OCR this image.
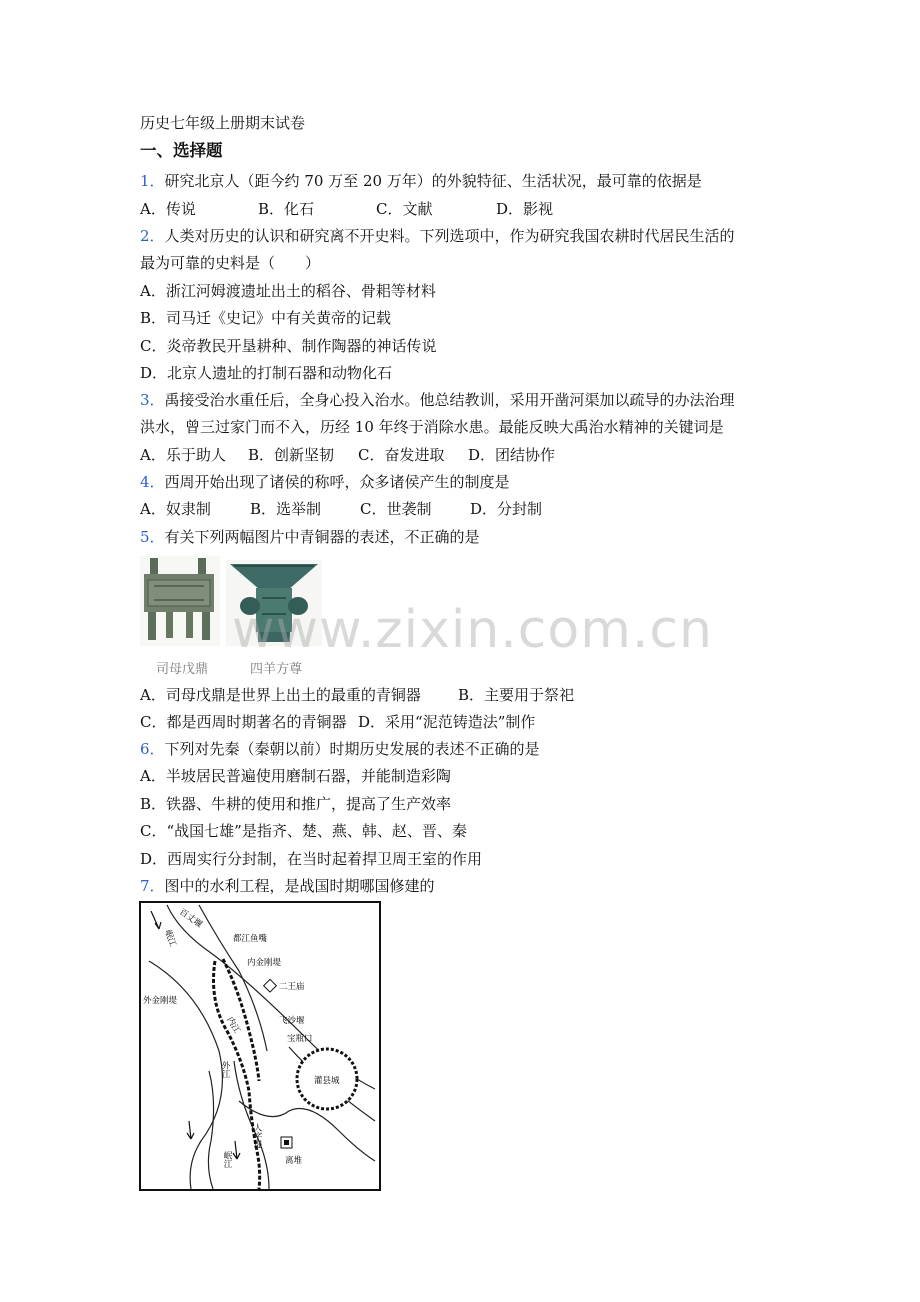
历史七年级上册期末试卷
一、选择题
1．研究北京人（距今约 70 万至 20 万年）的外貌特征、生活状况，最可靠的依据是
A．传说	B．化石	C．文献	D．影视
2．人类对历史的认识和研究离不开史料。下列选项中，作为研究我国农耕时代居民生活的
最为可靠的史料是（　　）
A．浙江河姆渡遗址出土的稻谷、骨耜等材料
B．司马迁《史记》中有关黄帝的记载
C．炎帝教民开垦耕种、制作陶器的神话传说
D．北京人遗址的打制石器和动物化石
3．禹接受治水重任后，全身心投入治水。他总结教训，采用开凿河渠加以疏导的办法治理
洪水，曾三过家门而不入，历经 10 年终于消除水患。最能反映大禹治水精神的关键词是
A．乐于助人 B．创新坚韧 C．奋发进取 D．团结协作
4．西周开始出现了诸侯的称呼，众多诸侯产生的制度是
A．奴隶制	B．选举制	C．世袭制	D．分封制
5．有关下列两幅图片中青铜器的表述，不正确的是
司母戊鼎	四羊方尊
www.zixin.com.cn
A．司母戊鼎是世界上出土的最重的青铜器 B．主要用于祭祀
C．都是西周时期著名的青铜器 D．采用“泥范铸造法”制作
6．下列对先秦（秦朝以前）时期历史发展的表述不正确的是
A．半坡居民普遍使用磨制石器，并能制造彩陶
B．铁器、牛耕的使用和推广，提高了生产效率
C．“战国七雄”是指齐、楚、燕、韩、赵、晋、秦
D．西周实行分封制，在当时起着捍卫周王室的作用
7．图中的水利工程，是战国时期哪国修建的
百丈堰
岷江	都江鱼嘴
内金刚堤
二王庙
外金刚堤
内江
外江
飞沙堰
宝瓶口
灌县城
离堆
人字堤
岷江
